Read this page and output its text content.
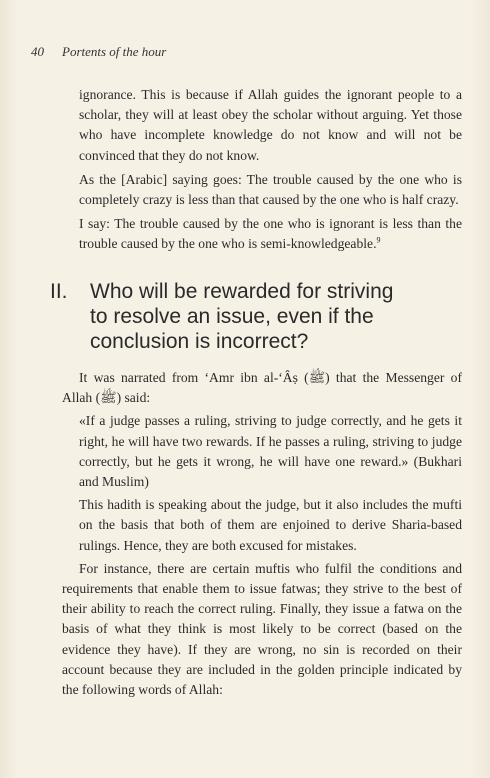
40 Portents of the hour

ignorance. This is because if Allah guides the ignorant people to a scholar, they will at least obey the scholar without arguing. Yet those who have incomplete knowledge do not know and will not be convinced that they do not know.

As the [Arabic] saying goes: The trouble caused by the one who is completely crazy is less than that caused by the one who is half crazy.

I say: The trouble caused by the one who is ignorant is less than the trouble caused by the one who is semi-knowledgeable.$^9$

II. Who will be rewarded for striving
to resolve an issue, even if the
conclusion is incorrect?

It was narrated from ‘Amr ibn al-‘Âṣ (ﷺ) that the Messenger of Allah (ﷺ) said:

«If a judge passes a ruling, striving to judge correctly, and he gets it right, he will have two rewards. If he passes a ruling, striving to judge correctly, but he gets it wrong, he will have one reward.» (Bukhari and Muslim)

This hadith is speaking about the judge, but it also includes the mufti on the basis that both of them are enjoined to derive Sharia-based rulings. Hence, they are both excused for mistakes.

For instance, there are certain muftis who fulfil the conditions and requirements that enable them to issue fatwas; they strive to the best of their ability to reach the correct ruling. Finally, they issue a fatwa on the basis of what they think is most likely to be correct (based on the evidence they have). If they are wrong, no sin is recorded on their account because they are included in the golden principle indicated by the following words of Allah:
